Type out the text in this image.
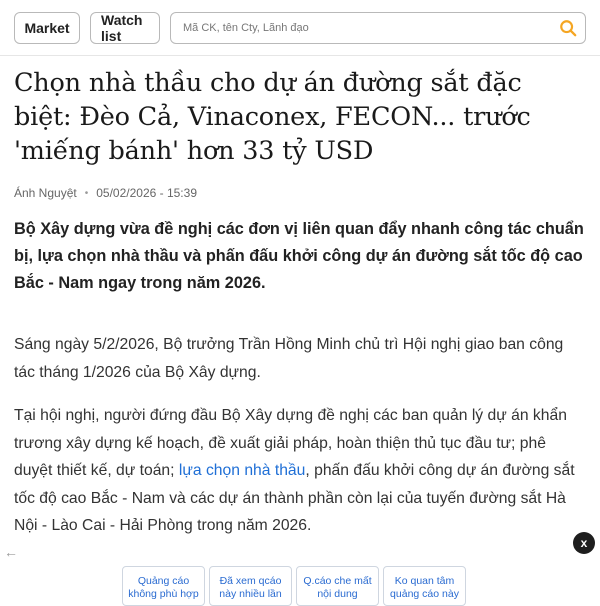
Market	Watch list
Mã CK, tên Cty, Lãnh đạo
Chọn nhà thầu cho dự án đường sắt đặc biệt: Đèo Cả, Vinaconex, FECON... trước 'miếng bánh' hơn 33 tỷ USD
Ánh Nguyệt • 05/02/2026 - 15:39
Bộ Xây dựng vừa đề nghị các đơn vị liên quan đẩy nhanh công tác chuẩn bị, lựa chọn nhà thầu và phấn đấu khởi công dự án đường sắt tốc độ cao Bắc - Nam ngay trong năm 2026.
Sáng ngày 5/2/2026, Bộ trưởng Trần Hồng Minh chủ trì Hội nghị giao ban công tác tháng 1/2026 của Bộ Xây dựng.
Tại hội nghị, người đứng đầu Bộ Xây dựng đề nghị các ban quản lý dự án khẩn trương xây dựng kế hoạch, đề xuất giải pháp, hoàn thiện thủ tục đầu tư; phê duyệt thiết kế, dự toán; lựa chọn nhà thầu, phấn đấu khởi công dự án đường sắt tốc độ cao Bắc - Nam và các dự án thành phần còn lại của tuyến đường sắt Hà Nội - Lào Cai - Hải Phòng trong năm 2026.
←
x
Quảng cáo
không phù hợp
Đã xem qcáo
này nhiều lần
Q.cáo che mất
nội dung
Ko quan tâm
quảng cáo này
